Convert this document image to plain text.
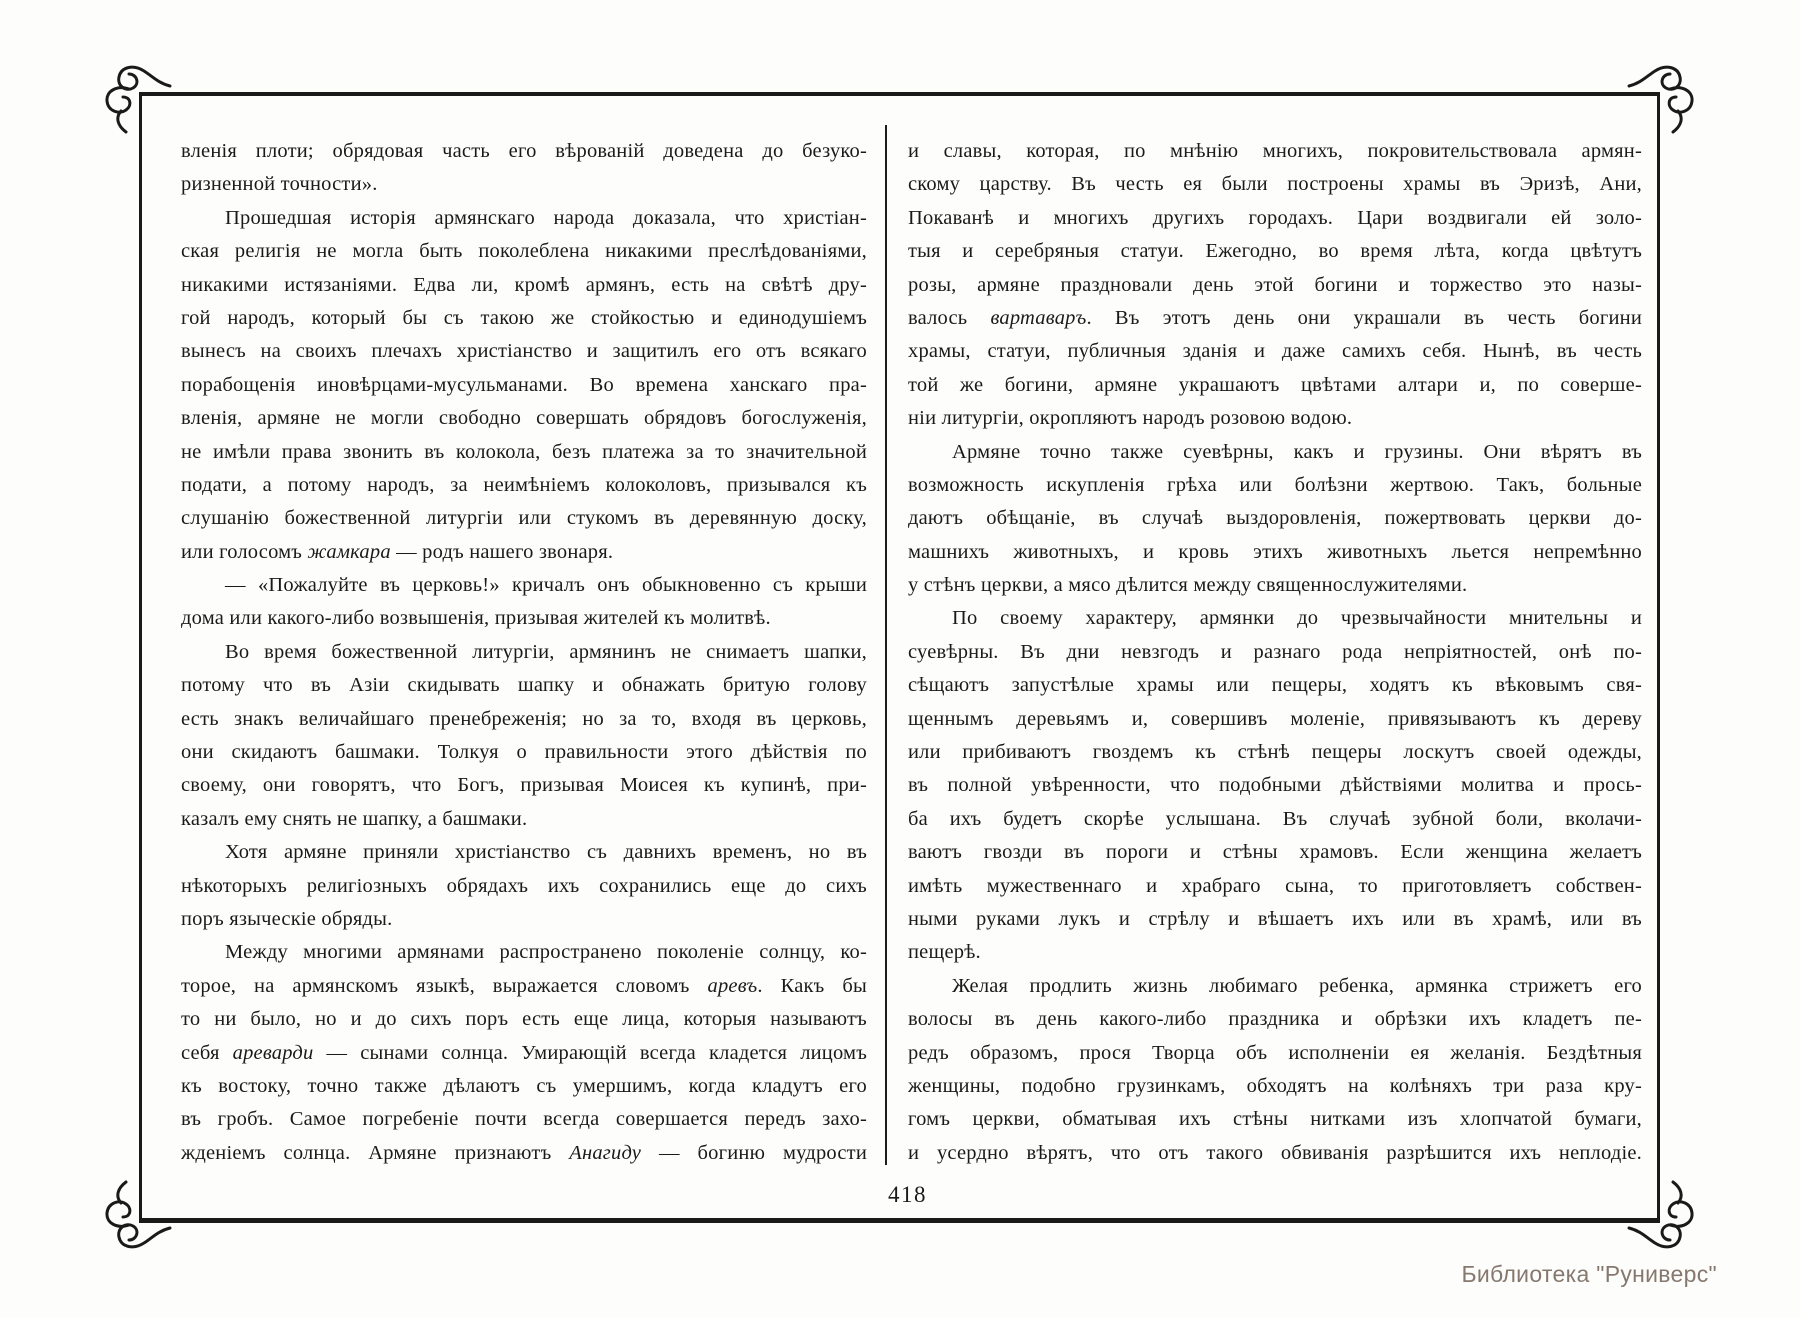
вленія плоти; обрядовая часть его вѣрованій доведена до безуко-
ризненной точности».
Прошедшая исторія армянскаго народа доказала, что христіан-
ская религія не могла быть поколеблена никакими преслѣдованіями,
никакими истязаніями. Едва ли, кромѣ армянъ, есть на свѣтѣ дру-
гой народъ, который бы съ такою же стойкостью и единодушіемъ
вынесъ на своихъ плечахъ христіанство и защитилъ его отъ всякаго
порабощенія иновѣрцами-мусульманами. Во времена ханскаго пра-
вленія, армяне не могли свободно совершать обрядовъ богослуженія,
не имѣли права звонить въ колокола, безъ платежа за то значительной
подати, а потому народъ, за неимѣніемъ колоколовъ, призывался къ
слушанію божественной литургіи или стукомъ въ деревянную доску,
или голосомъ жамкара — родъ нашего звонаря.
— «Пожалуйте въ церковь!» кричалъ онъ обыкновенно съ крыши
дома или какого-либо возвышенія, призывая жителей къ молитвѣ.
Во время божественной литургіи, армянинъ не снимаетъ шапки,
потому что въ Азіи скидывать шапку и обнажать бритую голову
есть знакъ величайшаго пренебреженія; но за то, входя въ церковь,
они скидаютъ башмаки. Толкуя о правильности этого дѣйствія по
своему, они говорятъ, что Богъ, призывая Моисея къ купинѣ, при-
казалъ ему снять не шапку, а башмаки.
Хотя армяне приняли христіанство съ давнихъ временъ, но въ
нѣкоторыхъ религіозныхъ обрядахъ ихъ сохранились еще до сихъ
поръ языческіе обряды.
Между многими армянами распространено поколеніе солнцу, ко-
торое, на армянскомъ языкѣ, выражается словомъ аревъ. Какъ бы
то ни было, но и до сихъ поръ есть еще лица, которыя называютъ
себя ареварди — сынами солнца. Умирающій всегда кладется лицомъ
къ востоку, точно также дѣлаютъ съ умершимъ, когда кладутъ его
въ гробъ. Самое погребеніе почти всегда совершается передъ захо-
жденіемъ солнца. Армяне признаютъ Анагиду — богиню мудрости
и славы, которая, по мнѣнію многихъ, покровительствовала армян-
скому царству. Въ честь ея были построены храмы въ Эризѣ, Ани,
Покаванѣ и многихъ другихъ городахъ. Цари воздвигали ей золо-
тыя и серебряныя статуи. Ежегодно, во время лѣта, когда цвѣтутъ
розы, армяне праздновали день этой богини и торжество это назы-
валось вартаваръ. Въ этотъ день они украшали въ честь богини
храмы, статуи, публичныя зданія и даже самихъ себя. Нынѣ, въ честь
той же богини, армяне украшаютъ цвѣтами алтари и, по соверше-
ніи литургіи, окропляютъ народъ розовою водою.
Армяне точно также суевѣрны, какъ и грузины. Они вѣрятъ въ
возможность искупленія грѣха или болѣзни жертвою. Такъ, больные
даютъ обѣщаніе, въ случаѣ выздоровленія, пожертвовать церкви до-
машнихъ животныхъ, и кровь этихъ животныхъ льется непремѣнно
у стѣнъ церкви, а мясо дѣлится между священнослужителями.
По своему характеру, армянки до чрезвычайности мнительны и
суевѣрны. Въ дни невзгодъ и разнаго рода непріятностей, онѣ по-
сѣщаютъ запустѣлые храмы или пещеры, ходятъ къ вѣковымъ свя-
щеннымъ деревьямъ и, совершивъ моленіе, привязываютъ къ дереву
или прибиваютъ гвоздемъ къ стѣнѣ пещеры лоскутъ своей одежды,
въ полной увѣренности, что подобными дѣйствіями молитва и прось-
ба ихъ будетъ скорѣе услышана. Въ случаѣ зубной боли, вколачи-
ваютъ гвозди въ пороги и стѣны храмовъ. Если женщина желаетъ
имѣть мужественнаго и храбраго сына, то приготовляетъ собствен-
ными руками лукъ и стрѣлу и вѣшаетъ ихъ или въ храмѣ, или въ
пещерѣ.
Желая продлить жизнь любимаго ребенка, армянка стрижетъ его
волосы въ день какого-либо праздника и обрѣзки ихъ кладетъ пе-
редъ образомъ, прося Творца объ исполненіи ея желанія. Бездѣтныя
женщины, подобно грузинкамъ, обходятъ на колѣняхъ три раза кру-
гомъ церкви, обматывая ихъ стѣны нитками изъ хлопчатой бумаги,
и усердно вѣрятъ, что отъ такого обвиванія разрѣшится ихъ неплодіе.
418
Библиотека "Руниверс"
